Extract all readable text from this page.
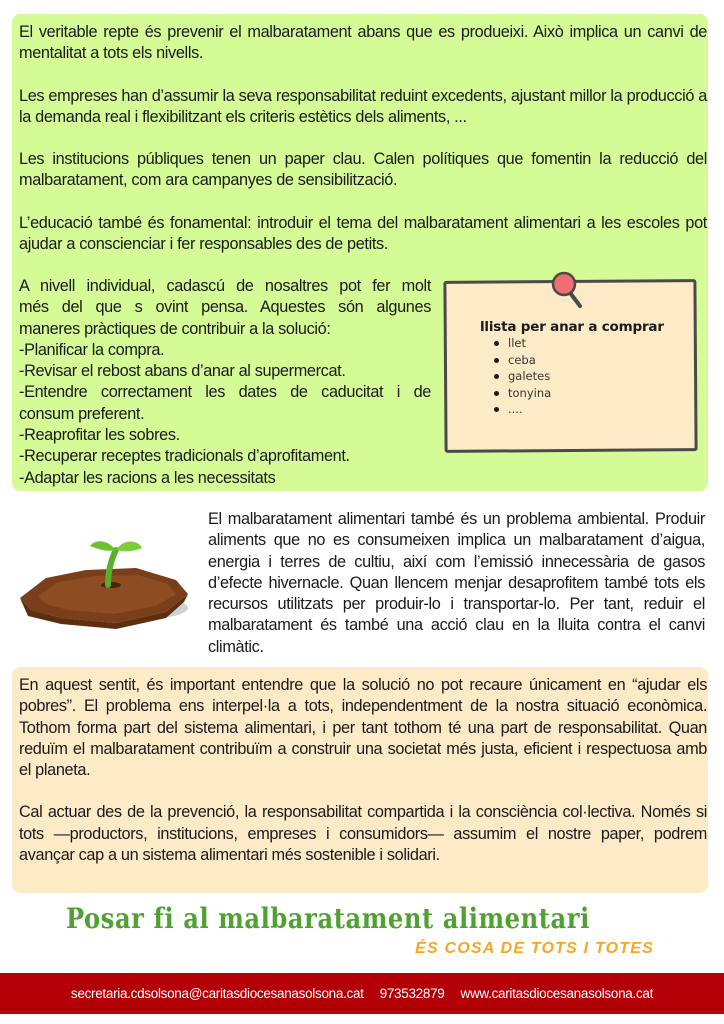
El veritable repte és prevenir el malbaratament abans que es produeixi. Això implica un canvi de mentalitat a tots els nivells.

Les empreses han d’assumir la seva responsabilitat reduint excedents, ajustant millor la producció a la demanda real i flexibilitzant els criteris estètics dels aliments, ...

Les institucions públiques tenen un paper clau. Calen polítiques que fomentin la reducció del malbaratament, com ara campanyes de sensibilització.

L’educació també és fonamental: introduir el tema del malbaratament alimentari a les escoles pot ajudar a conscienciar i fer responsables des de petits.

A nivell individual, cadascú de nosaltres pot fer molt
més del que s ovint pensa. Aquestes són algunes
maneres pràctiques de contribuir a la solució:
-Planificar la compra.
-Revisar el rebost abans d’anar al supermercat.
-Entendre correctament les dates de caducitat i de
consum preferent.
-Reaprofitar les sobres.
-Recuperar receptes tradicionals d’aprofitament.
-Adaptar les racions a les necessitats
llista per anar a comprar
llet
ceba
galetes
tonyina
....
El malbaratament alimentari també és un problema ambiental. Produir aliments que no es consumeixen implica un malbaratament d’aigua, energia i terres de cultiu, així com l’emissió innecessària de gasos d’efecte hivernacle. Quan llencem menjar desaprofitem també tots els recursos utilitzats per produir-lo i transportar-lo. Per tant, reduir el malbaratament és també una acció clau en la lluita contra el canvi climàtic.

En aquest sentit, és important entendre que la solució no pot recaure únicament en “ajudar els pobres”. El problema ens interpel·la a tots, independentment de la nostra situació econòmica. Tothom forma part del sistema alimentari, i per tant tothom té una part de responsabilitat. Quan reduïm el malbaratament contribuïm a construir una societat més justa, eficient i respectuosa amb el planeta.

Cal actuar des de la prevenció, la responsabilitat compartida i la consciència col·lectiva. Només si tots —productors, institucions, empreses i consumidors— assumim el nostre paper, podrem avançar cap a un sistema alimentari més sostenible i solidari.

Posar fi al malbaratament alimentari
ÉS COSA DE TOTS I TOTES
secretaria.cdsolsona@caritasdiocesanasolsona.cat 973532879 www.caritasdiocesanasolsona.cat
